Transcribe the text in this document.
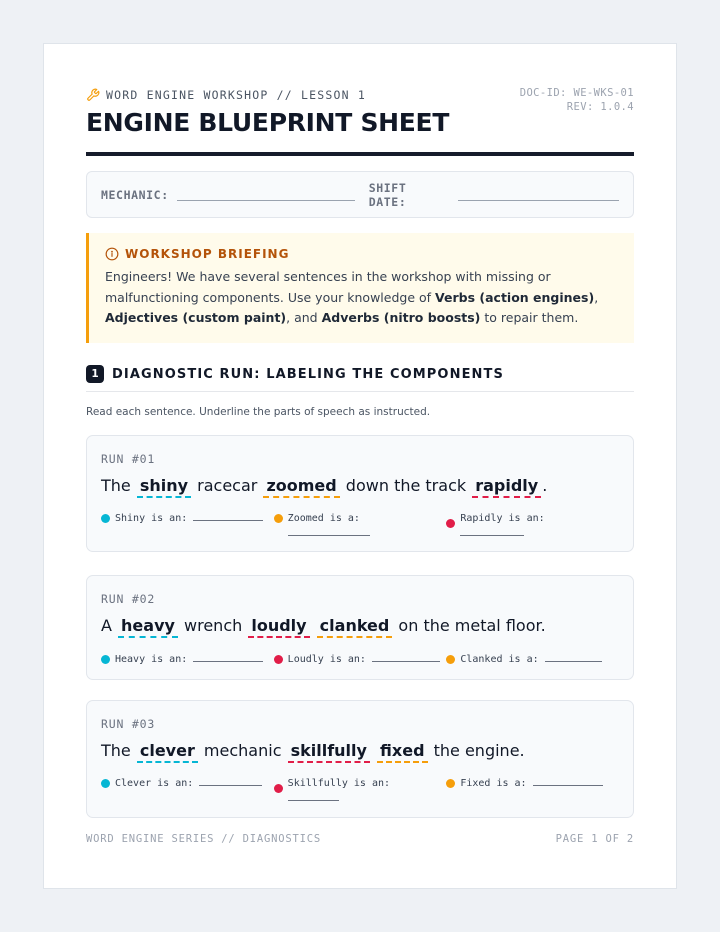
WORD ENGINE WORKSHOP // LESSON 1	DOC-ID: WE-WKS-01
REV: 1.0.4
ENGINE BLUEPRINT SHEET
MECHANIC:	SHIFT DATE:
WORKSHOP BRIEFING
Engineers! We have several sentences in the workshop with missing or malfunctioning components. Use your knowledge of Verbs (action engines), Adjectives (custom paint), and Adverbs (nitro boosts) to repair them.
1	DIAGNOSTIC RUN: LABELING THE COMPONENTS
Read each sentence. Underline the parts of speech as instructed.
RUN #01
The shiny racecar zoomed down the track rapidly .
Shiny is an:	Zoomed is a:	Rapidly is an:

RUN #02
A heavy wrench loudly clanked on the metal floor.
Heavy is an:	Loudly is an:	Clanked is a:
RUN #03
The clever mechanic skillfully fixed the engine.
Clever is an:	Skillfully is an:	Fixed is a:
WORD ENGINE SERIES // DIAGNOSTICS	PAGE 1 OF 2
